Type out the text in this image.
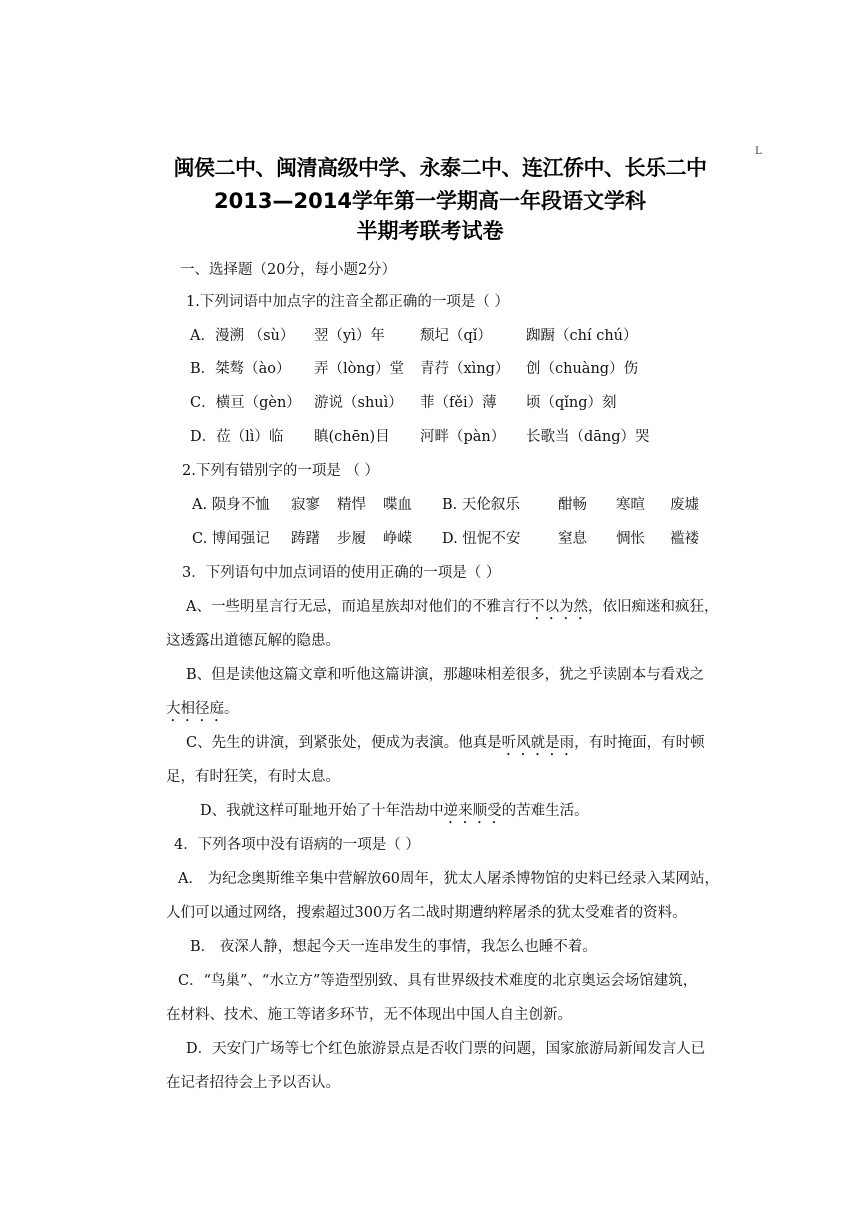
L
闽侯二中、闽清高级中学、永泰二中、连江侨中、长乐二中
2013—2014学年第一学期高一年段语文学科
半期考联考试卷
一、选择题（20分，每小题2分）
1.下列词语中加点字的注音全都正确的一项是（ ）
A．漫溯 （sù） 翌（yì）年 颓圮（qǐ） 踟蹰（chí chú）
B．桀骜（ào） 弄（lòng）堂 青荇（xìng） 创（chuàng）伤
C．横亘（gèn） 游说（shuì） 菲（fěi）薄 顷（qǐng）刻
D．莅（lì）临 瞋(chēn)目 河畔（pàn） 长歌当（dāng）哭
2.下列有错别字的一项是 （ ）
A. 陨身不恤 寂寥 精悍 喋血 B. 天伦叙乐	酣畅 寒暄 废墟
C. 博闻强记 踌躇 步履 峥嵘 D. 忸怩不安	窒息 惆怅 褴褛
3．下列语句中加点词语的使用正确的一项是（ ）
A、一些明星言行无忌，而追星族却对他们的不雅言行不以为然，依旧痴迷和疯狂，
这透露出道德瓦解的隐患。
B、但是读他这篇文章和听他这篇讲演，那趣味相差很多，犹之乎读剧本与看戏之
大相径庭。
C、先生的讲演，到紧张处，便成为表演。他真是听风就是雨，有时掩面，有时顿
足，有时狂笑，有时太息。
D、我就这样可耻地开始了十年浩劫中逆来顺受的苦难生活。
4．下列各项中没有语病的一项是（ ）
A． 为纪念奥斯维辛集中营解放60周年，犹太人屠杀博物馆的史料已经录入某网站，
人们可以通过网络，搜索超过300万名二战时期遭纳粹屠杀的犹太受难者的资料。
B． 夜深人静，想起今天一连串发生的事情，我怎么也睡不着。
C．“鸟巢”、“水立方”等造型别致、具有世界级技术难度的北京奥运会场馆建筑，
在材料、技术、施工等诸多环节，无不体现出中国人自主创新。
D．天安门广场等七个红色旅游景点是否收门票的问题，国家旅游局新闻发言人已
在记者招待会上予以否认。
